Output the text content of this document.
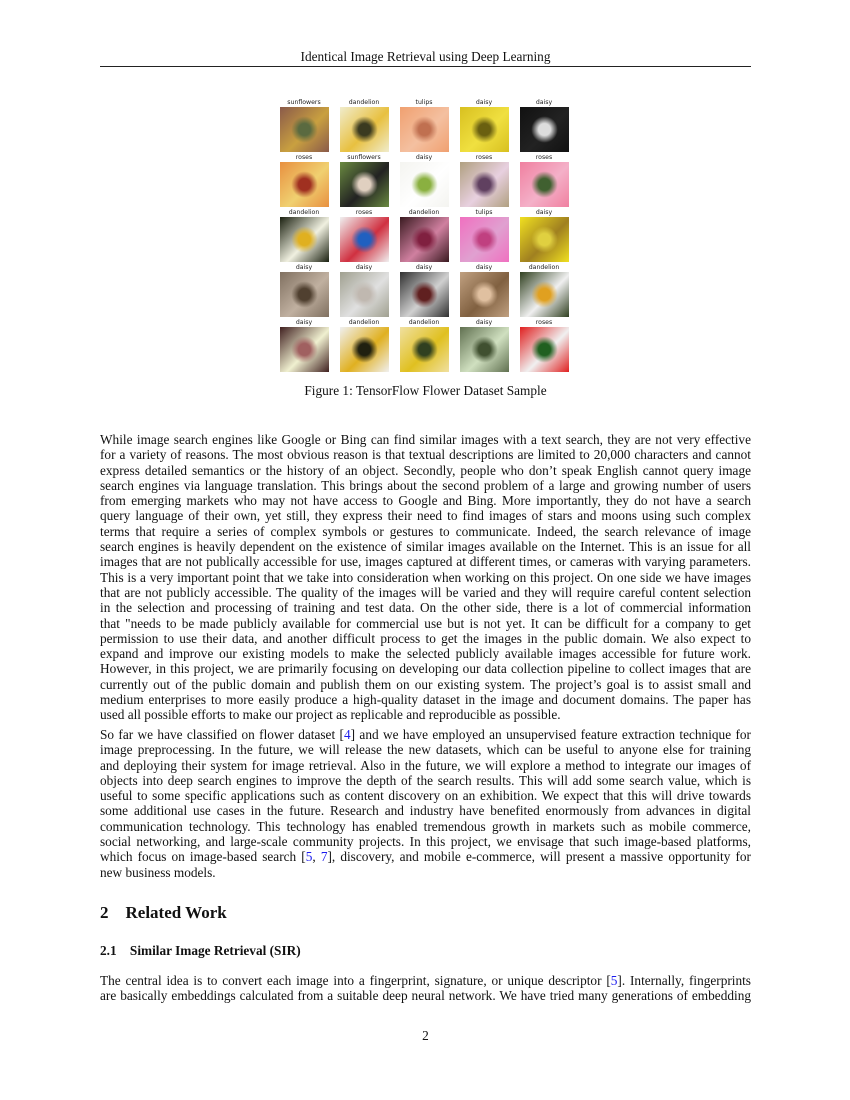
Identical Image Retrieval using Deep Learning
sunflowers	dandelion	tulips	daisy	daisy
roses	sunflowers	daisy	roses	roses
dandelion	roses	dandelion	tulips	daisy
daisy	daisy	daisy	daisy	dandelion
daisy	dandelion	dandelion	daisy	roses
Figure 1: TensorFlow Flower Dataset Sample
While image search engines like Google or Bing can find similar images with a text search, they are not very effective
for a variety of reasons. The most obvious reason is that textual descriptions are limited to 20,000 characters and cannot
express detailed semantics or the history of an object. Secondly, people who don’t speak English cannot query image
search engines via language translation. This brings about the second problem of a large and growing number of users
from emerging markets who may not have access to Google and Bing. More importantly, they do not have a search
query language of their own, yet still, they express their need to find images of stars and moons using such complex
terms that require a series of complex symbols or gestures to communicate. Indeed, the search relevance of image
search engines is heavily dependent on the existence of similar images available on the Internet. This is an issue for all
images that are not publically accessible for use, images captured at different times, or cameras with varying parameters.
This is a very important point that we take into consideration when working on this project. On one side we have images
that are not publicly accessible. The quality of the images will be varied and they will require careful content selection
in the selection and processing of training and test data. On the other side, there is a lot of commercial information
that "needs to be made publicly available for commercial use but is not yet. It can be difficult for a company to get
permission to use their data, and another difficult process to get the images in the public domain. We also expect to
expand and improve our existing models to make the selected publicly available images accessible for future work.
However, in this project, we are primarily focusing on developing our data collection pipeline to collect images that are
currently out of the public domain and publish them on our existing system. The project’s goal is to assist small and
medium enterprises to more easily produce a high-quality dataset in the image and document domains. The paper has
used all possible efforts to make our project as replicable and reproducible as possible.
So far we have classified on flower dataset [4] and we have employed an unsupervised feature extraction technique for
image preprocessing. In the future, we will release the new datasets, which can be useful to anyone else for training
and deploying their system for image retrieval. Also in the future, we will explore a method to integrate our images of
objects into deep search engines to improve the depth of the search results. This will add some search value, which is
useful to some specific applications such as content discovery on an exhibition. We expect that this will drive towards
some additional use cases in the future. Research and industry have benefited enormously from advances in digital
communication technology. This technology has enabled tremendous growth in markets such as mobile commerce,
social networking, and large-scale community projects. In this project, we envisage that such image-based platforms,
which focus on image-based search [5, 7], discovery, and mobile e-commerce, will present a massive opportunity for
new business models.
2    Related Work
2.1    Similar Image Retrieval (SIR)
The central idea is to convert each image into a fingerprint, signature, or unique descriptor [5]. Internally, fingerprints
are basically embeddings calculated from a suitable deep neural network. We have tried many generations of embedding
2
